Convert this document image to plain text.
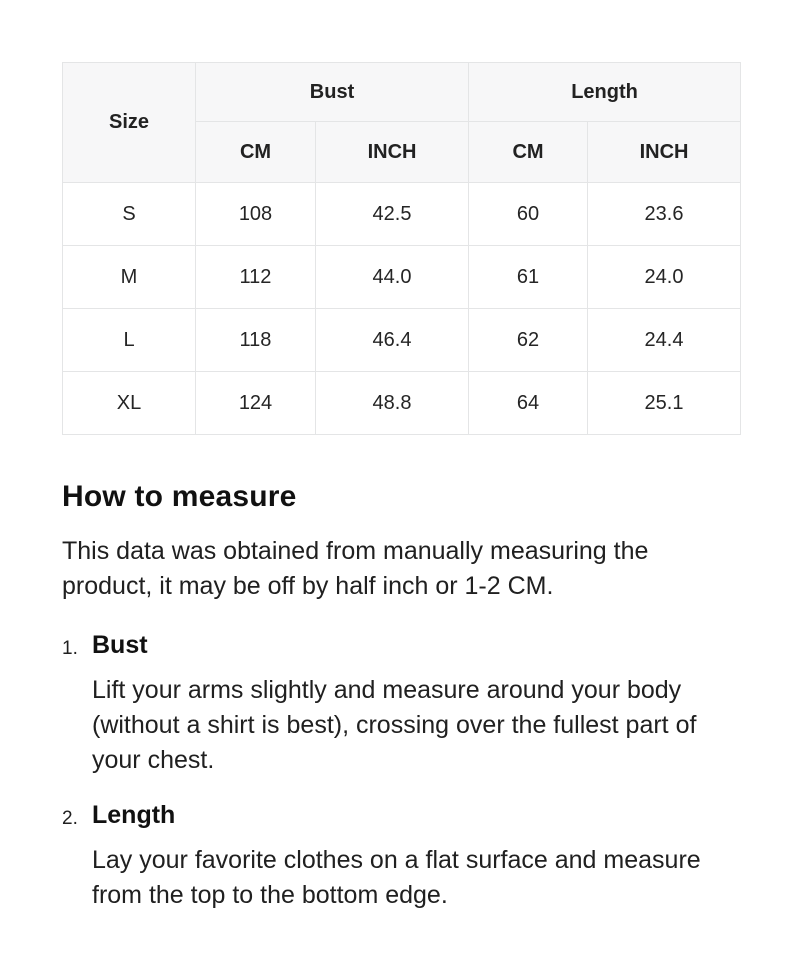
Size	Bust		Length	
	CM	INCH	CM	INCH
S	108	42.5	60	23.6
M	112	44.0	61	24.0
L	118	46.4	62	24.4
XL	124	48.8	64	25.1
How to measure

This data was obtained from manually measuring the product, it may be off by half inch or 1-2 CM.

1. Bust

Lift your arms slightly and measure around your body (without a shirt is best), crossing over the fullest part of your chest.

2. Length

Lay your favorite clothes on a flat surface and measure from the top to the bottom edge.
